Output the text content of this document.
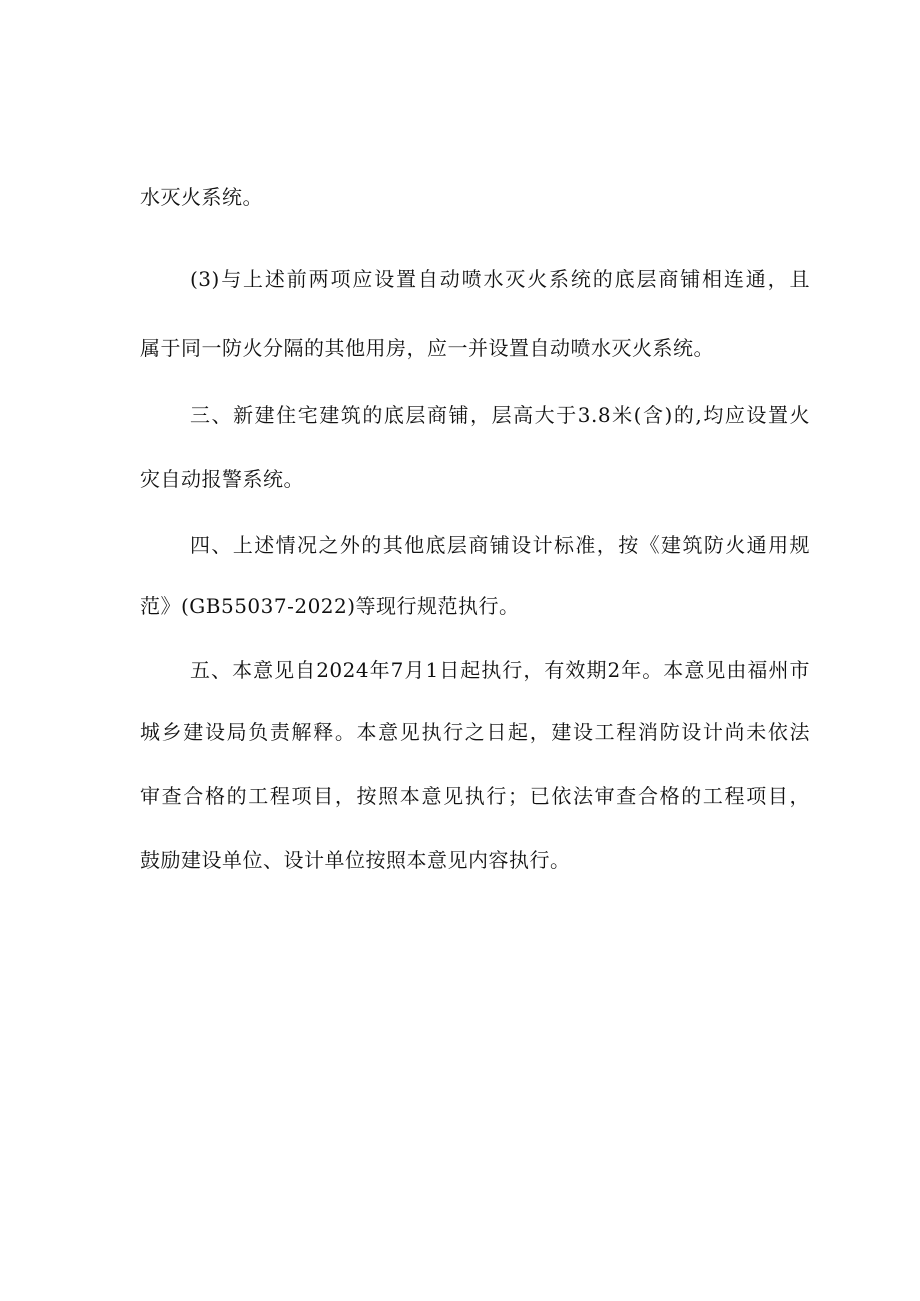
水灭火系统。
(3)与上述前两项应设置自动喷水灭火系统的底层商铺相连通，且
属于同一防火分隔的其他用房，应一并设置自动喷水灭火系统。
三、新建住宅建筑的底层商铺，层高大于3.8米(含)的,均应设置火
灾自动报警系统。
四、上述情况之外的其他底层商铺设计标准，按《建筑防火通用规
范》(GB55037-2022)等现行规范执行。
五、本意见自2024年7月1日起执行，有效期2年。本意见由福州市
城乡建设局负责解释。本意见执行之日起，建设工程消防设计尚未依法
审查合格的工程项目，按照本意见执行；已依法审查合格的工程项目，
鼓励建设单位、设计单位按照本意见内容执行。
